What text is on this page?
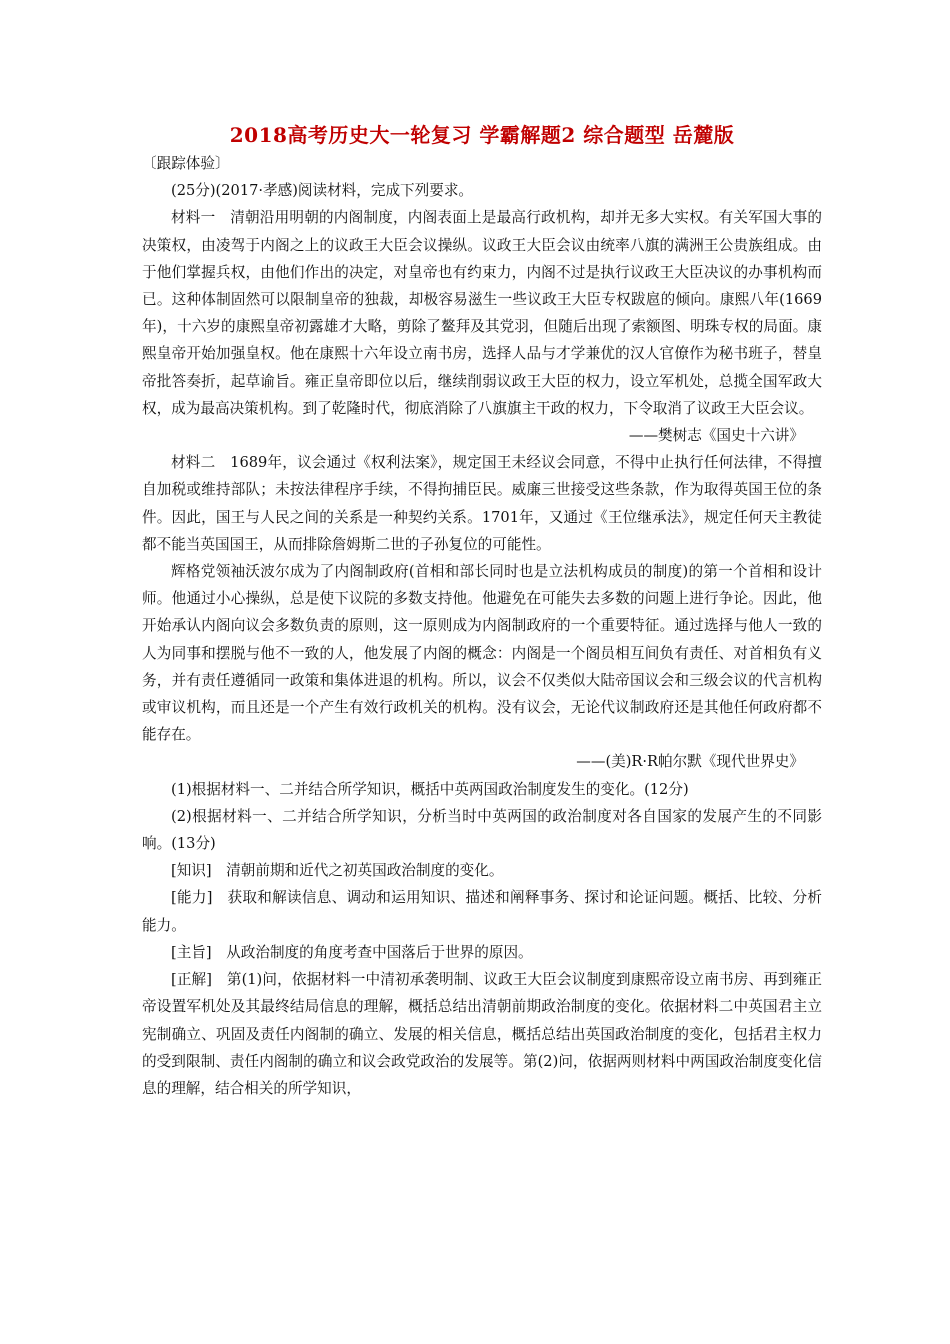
2018高考历史大一轮复习 学霸解题2 综合题型 岳麓版

〔跟踪体验〕

(25分)(2017·孝感)阅读材料，完成下列要求。

材料一　清朝沿用明朝的内阁制度，内阁表面上是最高行政机构，却并无多大实权。有关军国大事的决策权，由凌驾于内阁之上的议政王大臣会议操纵。议政王大臣会议由统率八旗的满洲王公贵族组成。由于他们掌握兵权，由他们作出的决定，对皇帝也有约束力，内阁不过是执行议政王大臣决议的办事机构而已。这种体制固然可以限制皇帝的独裁，却极容易滋生一些议政王大臣专权跋扈的倾向。康熙八年(1669年)，十六岁的康熙皇帝初露雄才大略，剪除了鳌拜及其党羽，但随后出现了索额图、明珠专权的局面。康熙皇帝开始加强皇权。他在康熙十六年设立南书房，选择人品与才学兼优的汉人官僚作为秘书班子，替皇帝批答奏折，起草谕旨。雍正皇帝即位以后，继续削弱议政王大臣的权力，设立军机处，总揽全国军政大权，成为最高决策机构。到了乾隆时代，彻底消除了八旗旗主干政的权力，下令取消了议政王大臣会议。

——樊树志《国史十六讲》

材料二　1689年，议会通过《权利法案》，规定国王未经议会同意，不得中止执行任何法律，不得擅自加税或维持部队；未按法律程序手续，不得拘捕臣民。威廉三世接受这些条款，作为取得英国王位的条件。因此，国王与人民之间的关系是一种契约关系。1701年，又通过《王位继承法》，规定任何天主教徒都不能当英国国王，从而排除詹姆斯二世的子孙复位的可能性。

辉格党领袖沃波尔成为了内阁制政府(首相和部长同时也是立法机构成员的制度)的第一个首相和设计师。他通过小心操纵，总是使下议院的多数支持他。他避免在可能失去多数的问题上进行争论。因此，他开始承认内阁向议会多数负责的原则，这一原则成为内阁制政府的一个重要特征。通过选择与他人一致的人为同事和摆脱与他不一致的人，他发展了内阁的概念：内阁是一个阁员相互间负有责任、对首相负有义务，并有责任遵循同一政策和集体进退的机构。所以，议会不仅类似大陆帝国议会和三级会议的代言机构或审议机构，而且还是一个产生有效行政机关的机构。没有议会，无论代议制政府还是其他任何政府都不能存在。

——(美)R·R帕尔默《现代世界史》

(1)根据材料一、二并结合所学知识，概括中英两国政治制度发生的变化。(12分)

(2)根据材料一、二并结合所学知识，分析当时中英两国的政治制度对各自国家的发展产生的不同影响。(13分)

[知识]　清朝前期和近代之初英国政治制度的变化。

[能力]　获取和解读信息、调动和运用知识、描述和阐释事务、探讨和论证问题。概括、比较、分析能力。

[主旨]　从政治制度的角度考查中国落后于世界的原因。

[正解]　第(1)问，依据材料一中清初承袭明制、议政王大臣会议制度到康熙帝设立南书房、再到雍正帝设置军机处及其最终结局信息的理解，概括总结出清朝前期政治制度的变化。依据材料二中英国君主立宪制确立、巩固及责任内阁制的确立、发展的相关信息，概括总结出英国政治制度的变化，包括君主权力的受到限制、责任内阁制的确立和议会政党政治的发展等。第(2)问，依据两则材料中两国政治制度变化信息的理解，结合相关的所学知识，
